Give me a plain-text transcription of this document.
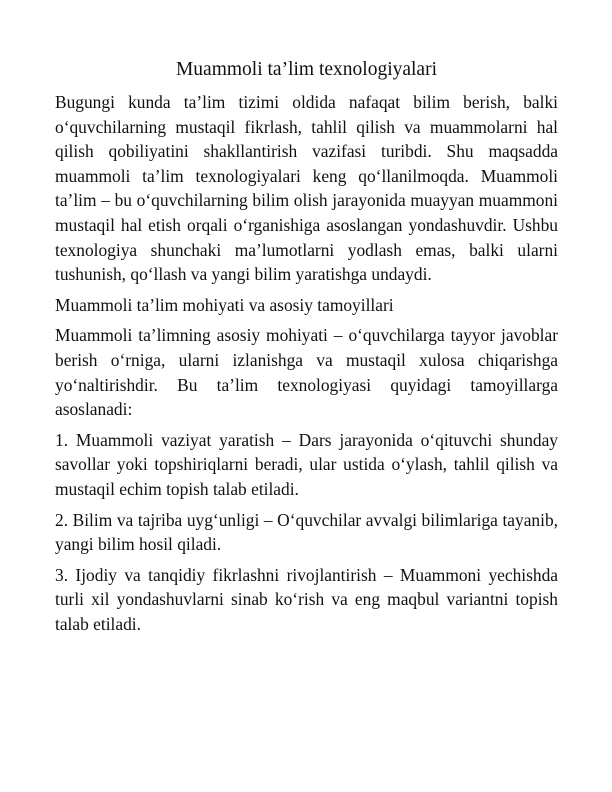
Muammoli ta’lim texnologiyalari

Bugungi kunda ta’lim tizimi oldida nafaqat bilim berish, balki o‘quvchilarning mustaqil fikrlash, tahlil qilish va muammolarni hal qilish qobiliyatini shakllantirish vazifasi turibdi. Shu maqsadda muammoli ta’lim texnologiyalari keng qo‘llanilmoqda. Muammoli ta’lim – bu o‘quvchilarning bilim olish jarayonida muayyan muammoni mustaqil hal etish orqali o‘rganishiga asoslangan yondashuvdir. Ushbu texnologiya shunchaki ma’lumotlarni yodlash emas, balki ularni tushunish, qo‘llash va yangi bilim yaratishga undaydi.

Muammoli ta’lim mohiyati va asosiy tamoyillari

Muammoli ta’limning asosiy mohiyati – o‘quvchilarga tayyor javoblar berish o‘rniga, ularni izlanishga va mustaqil xulosa chiqarishga yo‘naltirishdir. Bu ta’lim texnologiyasi quyidagi tamoyillarga asoslanadi:

1. Muammoli vaziyat yaratish – Dars jarayonida o‘qituvchi shunday savollar yoki topshiriqlarni beradi, ular ustida o‘ylash, tahlil qilish va mustaqil echim topish talab etiladi.

2. Bilim va tajriba uyg‘unligi – O‘quvchilar avvalgi bilimlariga tayanib, yangi bilim hosil qiladi.

3. Ijodiy va tanqidiy fikrlashni rivojlantirish – Muammoni yechishda turli xil yondashuvlarni sinab ko‘rish va eng maqbul variantni topish talab etiladi.
